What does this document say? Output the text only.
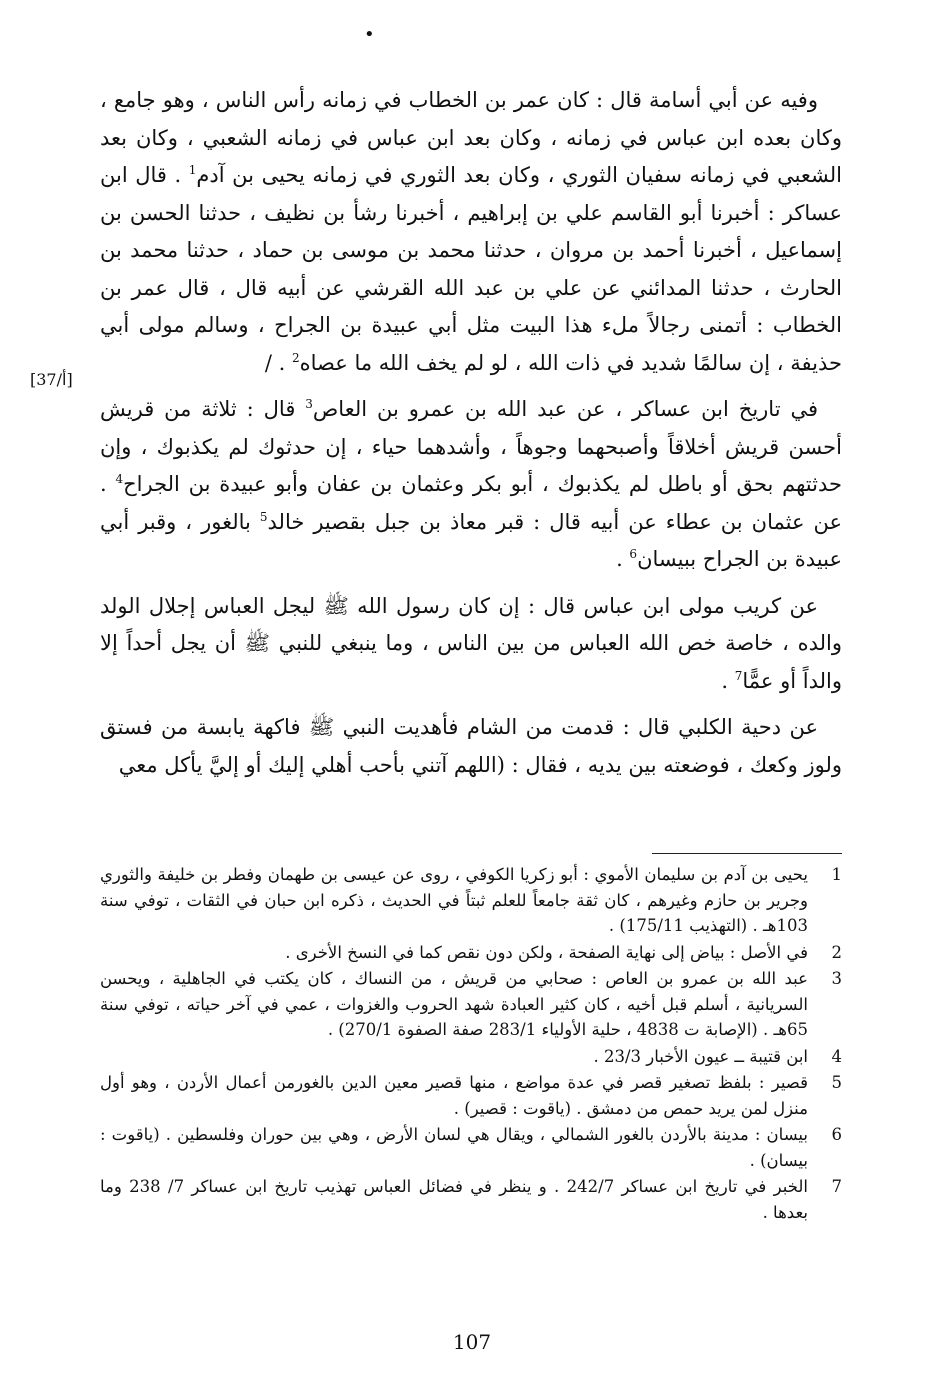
•
[أ/37]

وفيه عن أبي أسامة قال : كان عمر بن الخطاب في زمانه رأس الناس ، وهو جامع ، وكان بعده ابن عباس في زمانه ، وكان بعد ابن عباس في زمانه الشعبي ، وكان بعد الشعبي في زمانه سفيان الثوري ، وكان بعد الثوري في زمانه يحيى بن آدم$^1$ . قال ابن عساكر : أخبرنا أبو القاسم علي بن إبراهيم ، أخبرنا رشأ بن نظيف ، حدثنا الحسن بن إسماعيل ، أخبرنا أحمد بن مروان ، حدثنا محمد بن موسى بن حماد ، حدثنا محمد بن الحارث ، حدثنا المدائني عن علي بن عبد الله القرشي عن أبيه قال ، قال عمر بن الخطاب : أتمنى رجالاً ملء هذا البيت مثل أبي عبيدة بن الجراح ، وسالم مولى أبي حذيفة ، إن سالمًا شديد في ذات الله ، لو لم يخف الله ما عصاه$^2$ . /

في تاريخ ابن عساكر ، عن عبد الله بن عمرو بن العاص$^3$ قال : ثلاثة من قريش أحسن قريش أخلاقاً وأصبحهما وجوهاً ، وأشدهما حياء ، إن حدثوك لم يكذبوك ، وإن حدثتهم بحق أو باطل لم يكذبوك ، أبو بكر وعثمان بن عفان وأبو عبيدة بن الجراح$^4$ . عن عثمان بن عطاء عن أبيه قال : قبر معاذ بن جبل بقصير خالد$^5$ بالغور ، وقبر أبي عبيدة بن الجراح ببيسان$^6$ .

عن كريب مولى ابن عباس قال : إن كان رسول الله ﷺ ليجل العباس إجلال الولد والده ، خاصة خص الله العباس من بين الناس ، وما ينبغي للنبي ﷺ أن يجل أحداً إلا والداً أو عمًّا$^7$ .

عن دحية الكلبي قال : قدمت من الشام فأهديت النبي ﷺ فاكهة يابسة من فستق ولوز وكعك ، فوضعته بين يديه ، فقال : (اللهم آتني بأحب أهلي إليك أو إليَّ يأكل معي

1
يحيى بن آدم بن سليمان الأموي : أبو زكريا الكوفي ، روى عن عيسى بن طهمان وفطر بن خليفة والثوري وجرير بن حازم وغيرهم ، كان ثقة جامعاً للعلم ثبتاً في الحديث ، ذكره ابن حبان في الثقات ، توفي سنة 103هـ . (التهذيب 175/11) .
2
في الأصل : بياض إلى نهاية الصفحة ، ولكن دون نقص كما في النسخ الأخرى .
3
عبد الله بن عمرو بن العاص : صحابي من قريش ، من النساك ، كان يكتب في الجاهلية ، ويحسن السريانية ، أسلم قبل أخيه ، كان كثير العبادة شهد الحروب والغزوات ، عمي في آخر حياته ، توفي سنة 65هـ . (الإصابة ت 4838 ، حلية الأولياء 283/1 صفة الصفوة 270/1) .
4
ابن قتيبة ــ عيون الأخبار 23/3 .
5
قصير : بلفظ تصغير قصر في عدة مواضع ، منها قصير معين الدين بالغورمن أعمال الأردن ، وهو أول منزل لمن يريد حمص من دمشق . (ياقوت : قصير) .
6
بيسان : مدينة بالأردن بالغور الشمالي ، ويقال هي لسان الأرض ، وهي بين حوران وفلسطين . (ياقوت : بيسان) .
7
الخبر في تاريخ ابن عساكر 242/7 . و ينظر في فضائل العباس تهذيب تاريخ ابن عساكر 7/ 238 وما بعدها .
107
